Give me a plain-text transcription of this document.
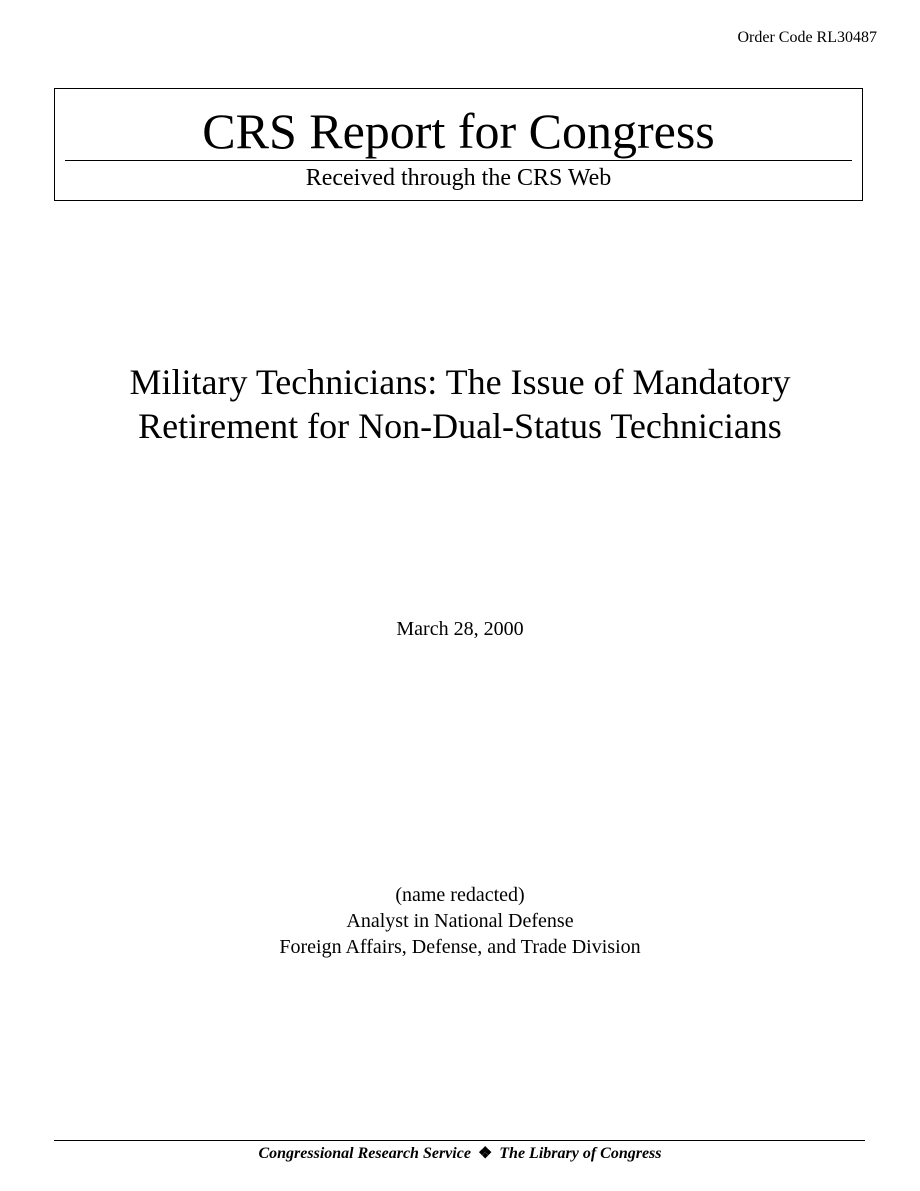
Order Code RL30487
CRS Report for Congress
Received through the CRS Web
Military Technicians: The Issue of Mandatory
Retirement for Non-Dual-Status Technicians
March 28, 2000
(name redacted)
Analyst in National Defense
Foreign Affairs, Defense, and Trade Division
Congressional Research Service ❖ The Library of Congress
